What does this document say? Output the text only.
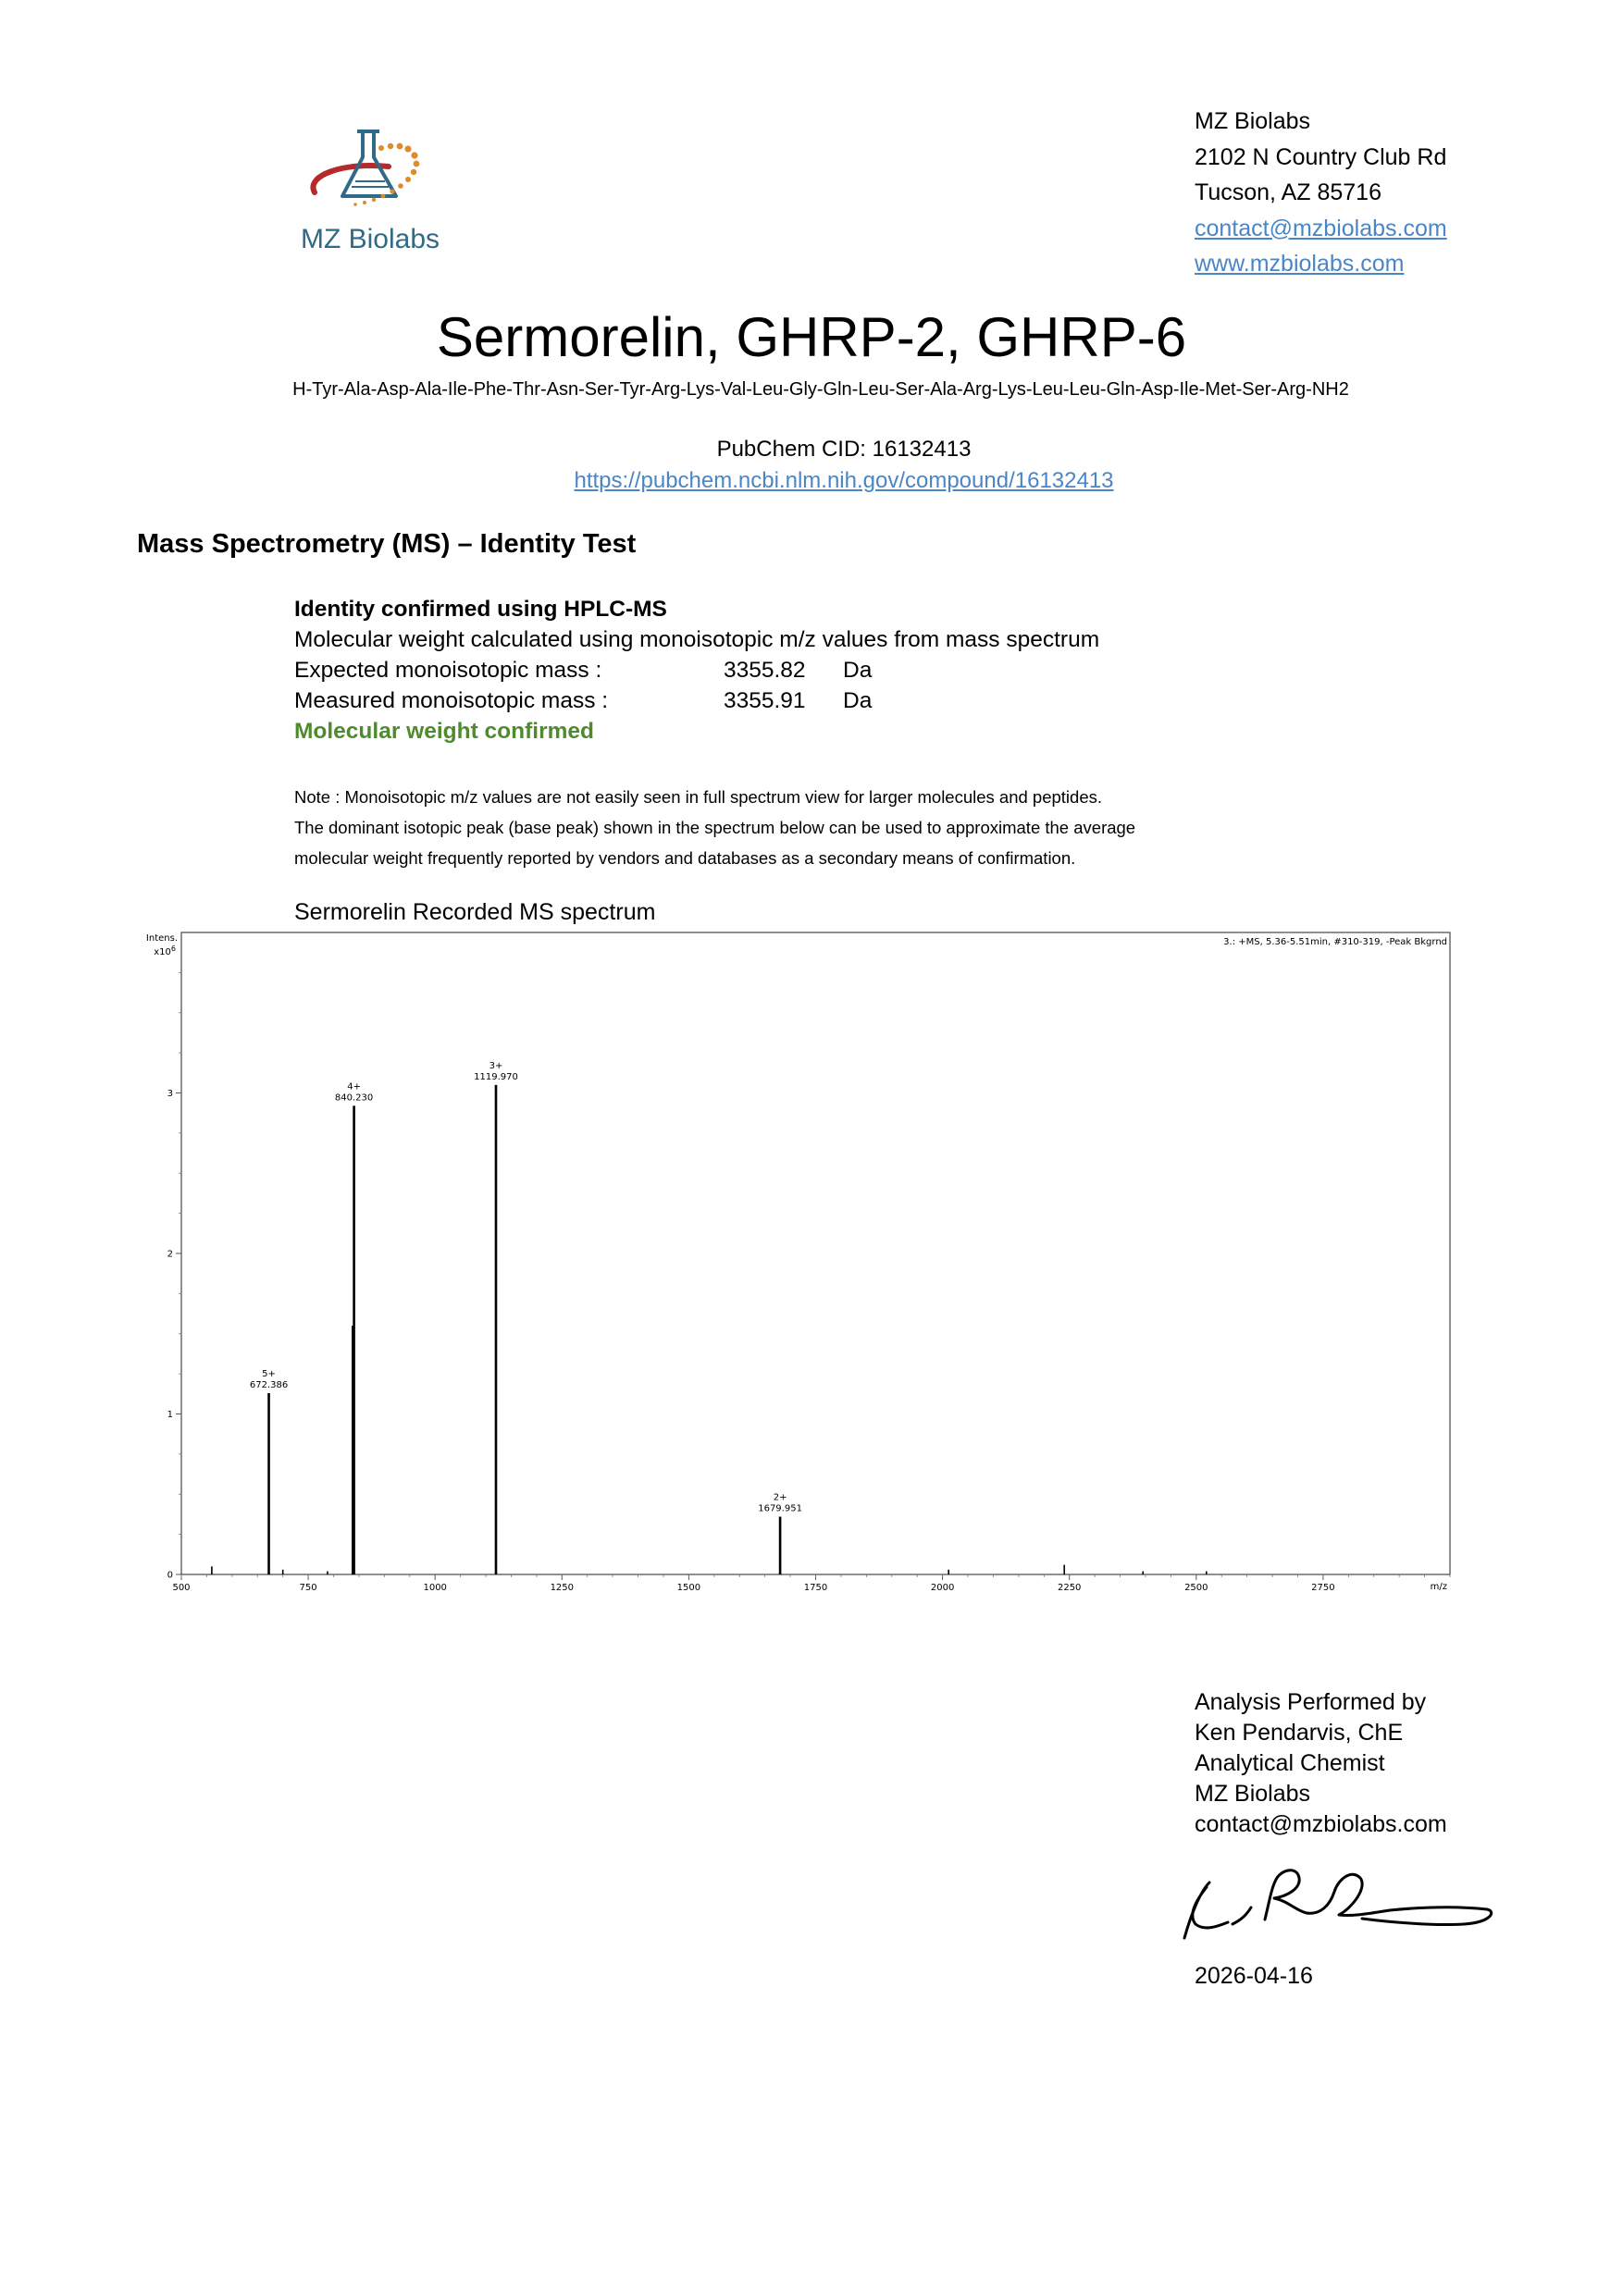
MZ Biolabs
MZ Biolabs
2102 N Country Club Rd
Tucson, AZ 85716
contact@mzbiolabs.com
www.mzbiolabs.com
Sermorelin, GHRP-2, GHRP-6
H-Tyr-Ala-Asp-Ala-Ile-Phe-Thr-Asn-Ser-Tyr-Arg-Lys-Val-Leu-Gly-Gln-Leu-Ser-Ala-Arg-Lys-Leu-Leu-Gln-Asp-Ile-Met-Ser-Arg-NH2
PubChem CID: 16132413
https://pubchem.ncbi.nlm.nih.gov/compound/16132413
Mass Spectrometry (MS) – Identity Test
Identity confirmed using HPLC-MS
Molecular weight calculated using monoisotopic m/z values from mass spectrum
Expected monoisotopic mass :	3355.82 Da
Measured monoisotopic mass :	3355.91 Da
Molecular weight confirmed
Note : Monoisotopic m/z values are not easily seen in full spectrum view for larger molecules and peptides.
The dominant isotopic peak (base peak) shown in the spectrum below can be used to approximate the average
molecular weight frequently reported by vendors and databases as a secondary means of confirmation.
Sermorelin Recorded MS spectrum
Intens.
$x10^6$
3.: +MS, 5.36-5.51min, #310-319, -Peak Bkgrnd
m/z
500	750	1000	1250	1500	1750	2000	2250	2500	2750
0
1
2
3
5+
672.386
4+
840.230
3+
1119.970
2+
1679.951
Analysis Performed by
Ken Pendarvis, ChE
Analytical Chemist
MZ Biolabs
contact@mzbiolabs.com
2026-04-16
